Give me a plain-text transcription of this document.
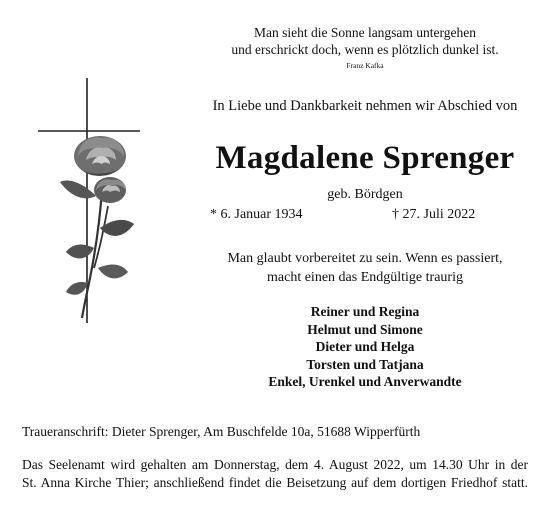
Man sieht die Sonne langsam untergehen
und erschrickt doch, wenn es plötzlich dunkel ist.
Franz Kafka
In Liebe und Dankbarkeit nehmen wir Abschied von
Magdalene Sprenger
geb. Bördgen
* 6. Januar 1934	† 27. Juli 2022
Man glaubt vorbereitet zu sein. Wenn es passiert,
macht einen das Endgültige traurig
Reiner und Regina
Helmut und Simone
Dieter und Helga
Torsten und Tatjana
Enkel, Urenkel und Anverwandte
Traueranschrift: Dieter Sprenger, Am Buschfelde 10a, 51688 Wipperfürth
Das Seelenamt wird gehalten am Donnerstag, dem 4. August 2022, um 14.30 Uhr in der
St. Anna Kirche Thier; anschließend findet die Beisetzung auf dem dortigen Friedhof statt.
